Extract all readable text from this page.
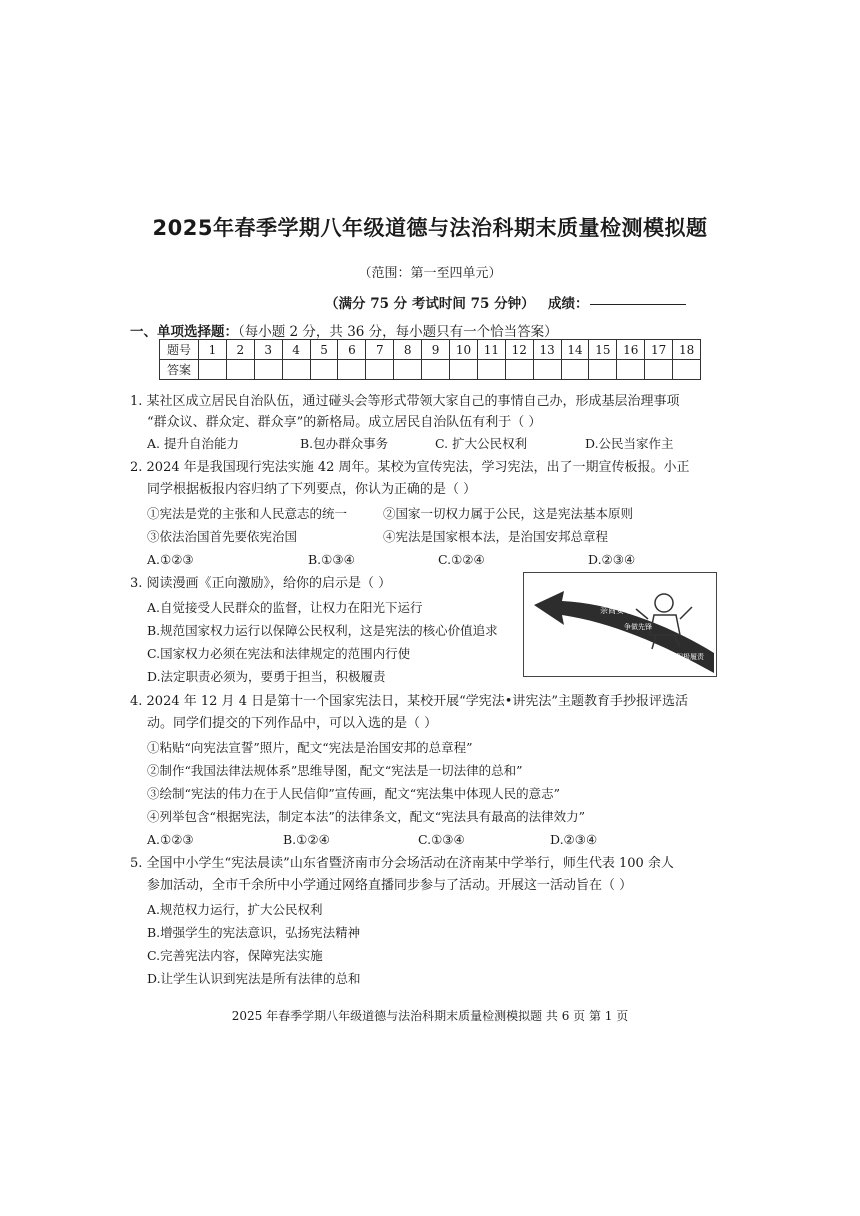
2025年春季学期八年级道德与法治科期末质量检测模拟题
（范围：第一至四单元）
（满分 75 分 考试时间 75 分钟） 成绩：
一、单项选择题：（每小题 2 分，共 36 分，每小题只有一个恰当答案）
题号	1	2	3	4	5	6	7	8	9	10	11	12	13	14	15	16	17	18
答案																		
1. 某社区成立居民自治队伍，通过碰头会等形式带领大家自己的事情自己办，形成基层治理事项
“群众议、群众定、群众享”的新格局。成立居民自治队伍有利于（ ）
A. 提升自治能力	B.包办群众事务	C. 扩大公民权利	D.公民当家作主
2. 2024 年是我国现行宪法实施 42 周年。某校为宣传宪法，学习宪法，出了一期宣传板报。小正
同学根据板报内容归纳了下列要点，你认为正确的是（ ）
①宪法是党的主张和人民意志的统一	②国家一切权力属于公民，这是宪法基本原则
③依法治国首先要依宪治国	④宪法是国家根本法，是治国安邦总章程
A.①②③	B.①③④	C.①②④	D.②③④
3. 阅读漫画《正向激励》，给你的启示是（ ）
A.自觉接受人民群众的监督，让权力在阳光下运行
B.规范国家权力运行以保障公民权利，这是宪法的核心价值追求
C.国家权力必须在宪法和法律规定的范围内行使
D.法定职责必须为，要勇于担当，积极履责
亲商安干
争做先锋
积极履责
4. 2024 年 12 月 4 日是第十一个国家宪法日，某校开展“学宪法•讲宪法”主题教育手抄报评选活
动。同学们提交的下列作品中，可以入选的是（ ）
①粘贴“向宪法宣誓”照片，配文“宪法是治国安邦的总章程”
②制作“我国法律法规体系”思维导图，配文“宪法是一切法律的总和”
③绘制“宪法的伟力在于人民信仰”宣传画，配文“宪法集中体现人民的意志”
④列举包含“根据宪法，制定本法”的法律条文，配文“宪法具有最高的法律效力”
A.①②③	B.①②④	C.①③④	D.②③④
5. 全国中小学生“宪法晨读”山东省暨济南市分会场活动在济南某中学举行，师生代表 100 余人
参加活动，全市千余所中小学通过网络直播同步参与了活动。开展这一活动旨在（ ）
A.规范权力运行，扩大公民权利
B.增强学生的宪法意识，弘扬宪法精神
C.完善宪法内容，保障宪法实施
D.让学生认识到宪法是所有法律的总和
2025 年春季学期八年级道德与法治科期末质量检测模拟题 共 6 页 第 1 页
